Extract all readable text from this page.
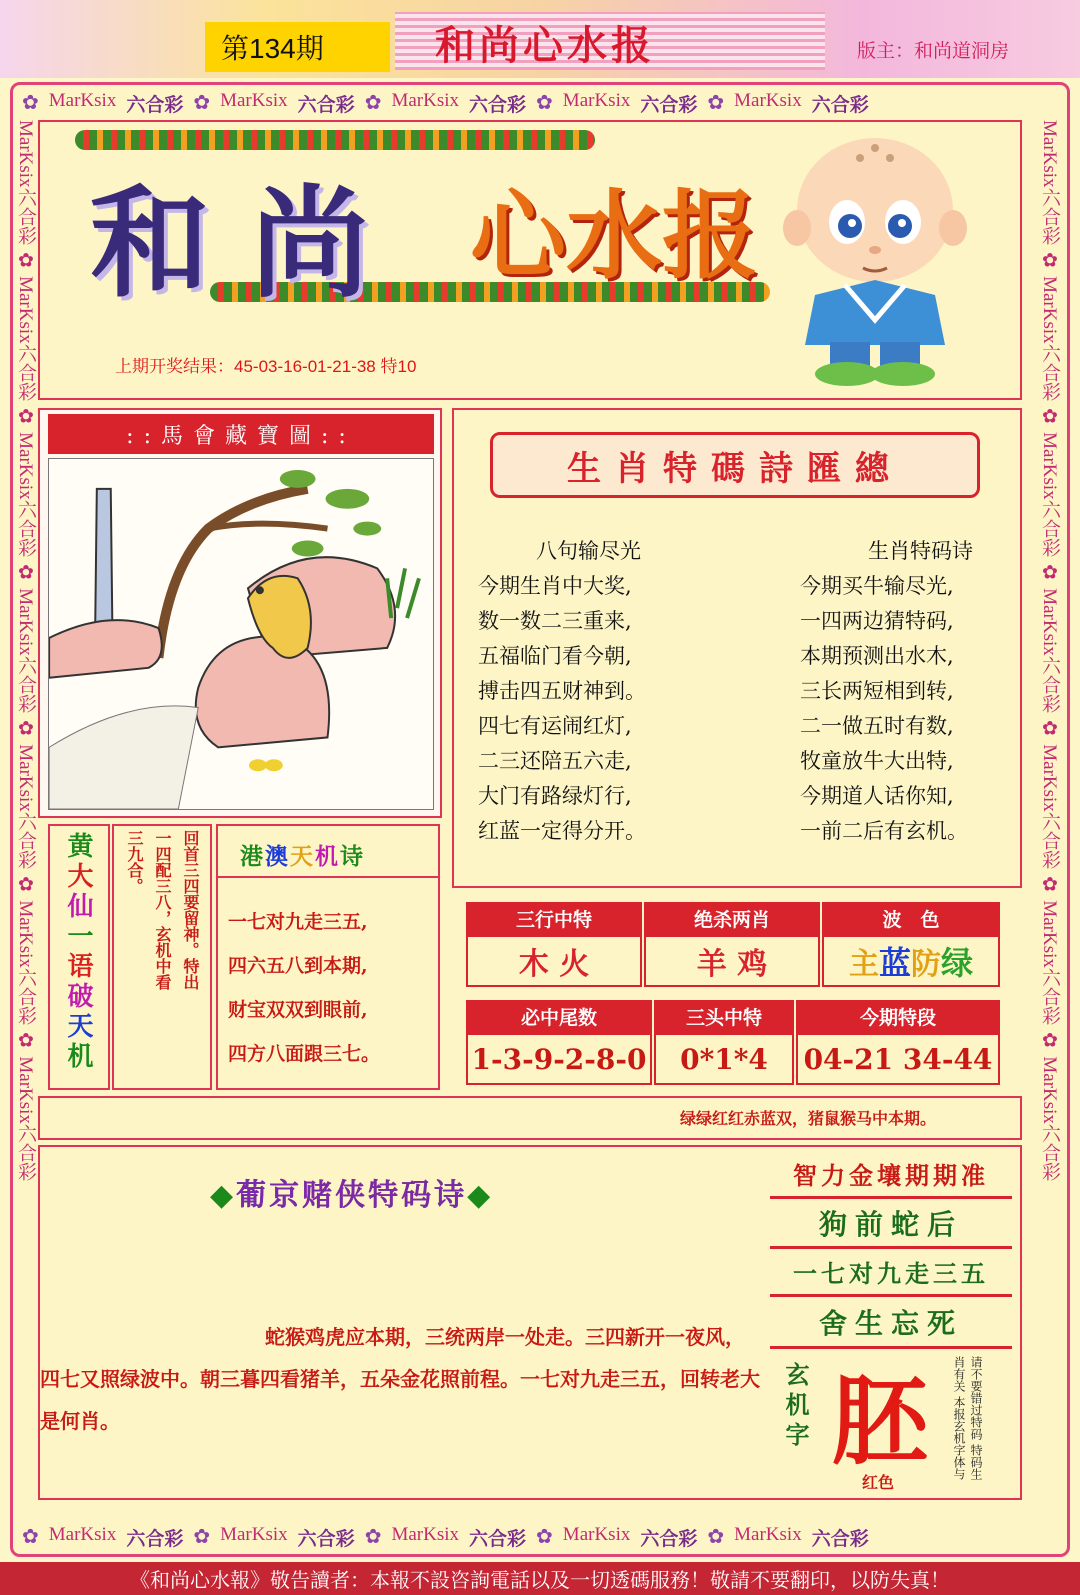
第134期	和尚心水报	版主：和尚道洞房
✿ MarKsix 六合彩 ✿ MarKsix 六合彩 ✿ MarKsix 六合彩 ✿ MarKsix 六合彩 ✿ MarKsix 六合彩
✿ MarKsix 六合彩 ✿ MarKsix 六合彩 ✿ MarKsix 六合彩 ✿ MarKsix 六合彩 ✿ MarKsix 六合彩
MarKsix六合彩 ✿ MarKsix六合彩 ✿ MarKsix六合彩 ✿ MarKsix六合彩 ✿ MarKsix六合彩 ✿ MarKsix六合彩 ✿ MarKsix六合彩
MarKsix六合彩 ✿ MarKsix六合彩 ✿ MarKsix六合彩 ✿ MarKsix六合彩 ✿ MarKsix六合彩 ✿ MarKsix六合彩 ✿ MarKsix六合彩
和尚 心水报
上期开奖结果：45-03-16-01-21-38 特10
::馬會藏寶圖::
生肖特碼詩匯總
八句输尽光
今期生肖中大奖,
数一数二三重来,
五福临门看今朝,
搏击四五财神到。
四七有运闹红灯,
二三还陪五六走,
大门有路绿灯行,
红蓝一定得分开。
生肖特码诗
今期买牛输尽光,
一四两边猜特码,
本期预测出水木,
三长两短相到转,
二一做五时有数,
牧童放牛大出特,
今期道人话你知,
一前二后有玄机。
三行中特	绝杀两肖	波　色
木 火	羊 鸡	主 蓝 防 绿
必中尾数	三头中特	今期特段
1-3-9-2-8-0	0*1*4	04-21 34-44
黄大仙一语破天机
回首三四要留神。特出
一四配三八，玄机中看
三九合。	港澳天机诗
一七对九走三五,
四六五八到本期,
财宝双双到眼前,
四方八面跟三七。
绿绿红红赤蓝双，猪鼠猴马中本期。
◆葡京赌侠特码诗◆
蛇猴鸡虎应本期，三统两岸一处走。三四新开一夜风，四七又照绿波中。朝三暮四看猪羊，五朵金花照前程。一七对九走三五，回转老大是何肖。
智力金壤期期准
狗前蛇后
一七对九走三五
舍生忘死
玄机字 胚
红色
请不要错过特码 特码生肖有关 本报玄机字体与
《和尚心水報》敬告讀者：本報不設咨詢電話以及一切透碼服務！敬請不要翻印，以防失真！
